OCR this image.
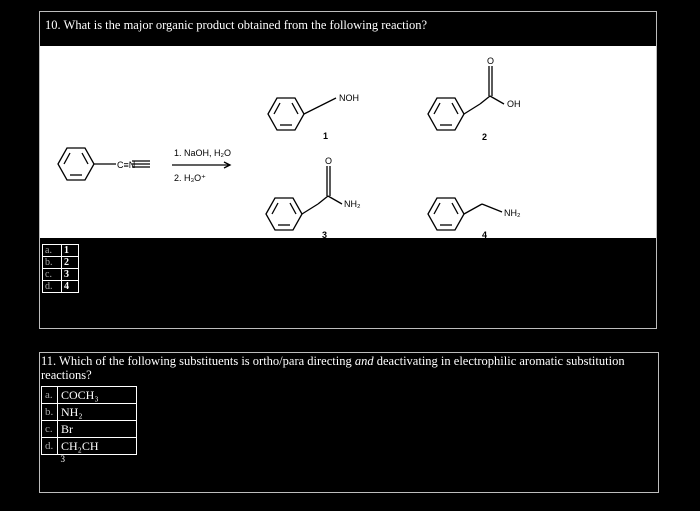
10. What is the major organic product obtained from the following reaction?
C≡N
1. NaOH, H₂O
2. H₃O⁺
NOH
1
OH
O
2
NH₂
O
3
NH₂
4
a.	1
b.	2
c.	3
d.	4
11. Which of the following substituents is ortho/para directing and deactivating in electrophilic aromatic substitution reactions?
a.	COCH₃
b.	NH₂
c.	Br
d.	CH₂CH
	3
